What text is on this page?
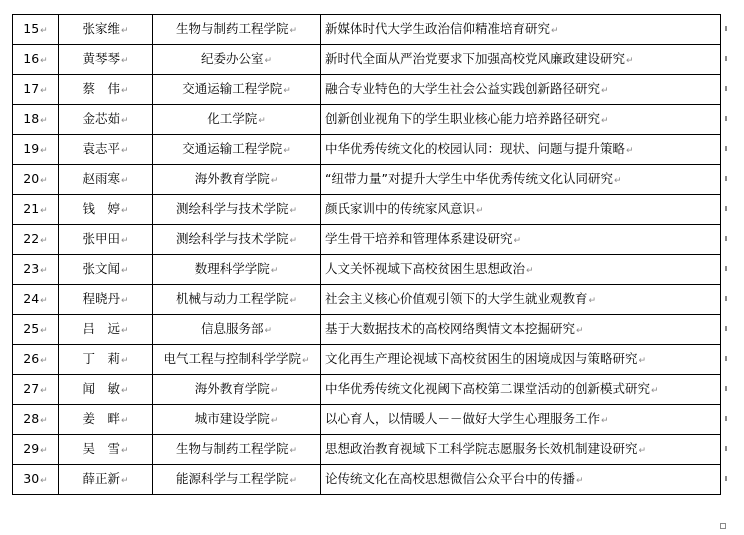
15↵	张家维↵	生物与制药工程学院↵	新媒体时代大学生政治信仰精准培育研究↵
16↵	黄琴琴↵	纪委办公室↵	新时代全面从严治党要求下加强高校党风廉政建设研究↵
17↵	蔡　伟↵	交通运输工程学院↵	融合专业特色的大学生社会公益实践创新路径研究↵
18↵	金芯茹↵	化工学院↵	创新创业视角下的学生职业核心能力培养路径研究↵
19↵	袁志平↵	交通运输工程学院↵	中华优秀传统文化的校园认同：现状、问题与提升策略↵
20↵	赵雨寒↵	海外教育学院↵	“纽带力量”对提升大学生中华优秀传统文化认同研究↵
21↵	钱　婷↵	测绘科学与技术学院↵	颜氏家训中的传统家风意识↵
22↵	张甲田↵	测绘科学与技术学院↵	学生骨干培养和管理体系建设研究↵
23↵	张文闻↵	数理科学学院↵	人文关怀视域下高校贫困生思想政治↵
24↵	程晓丹↵	机械与动力工程学院↵	社会主义核心价值观引领下的大学生就业观教育↵
25↵	吕　远↵	信息服务部↵	基于大数据技术的高校网络舆情文本挖掘研究↵
26↵	丁　莉↵	电气工程与控制科学学院↵	文化再生产理论视域下高校贫困生的困境成因与策略研究↵
27↵	闻　敏↵	海外教育学院↵	中华优秀传统文化视阈下高校第二课堂活动的创新模式研究↵
28↵	姜　畔↵	城市建设学院↵	以心育人，以情暖人－－做好大学生心理服务工作↵
29↵	吴　雪↵	生物与制药工程学院↵	思想政治教育视域下工科学院志愿服务长效机制建设研究↵
30↵	薛正新↵	能源科学与工程学院↵	论传统文化在高校思想微信公众平台中的传播↵
